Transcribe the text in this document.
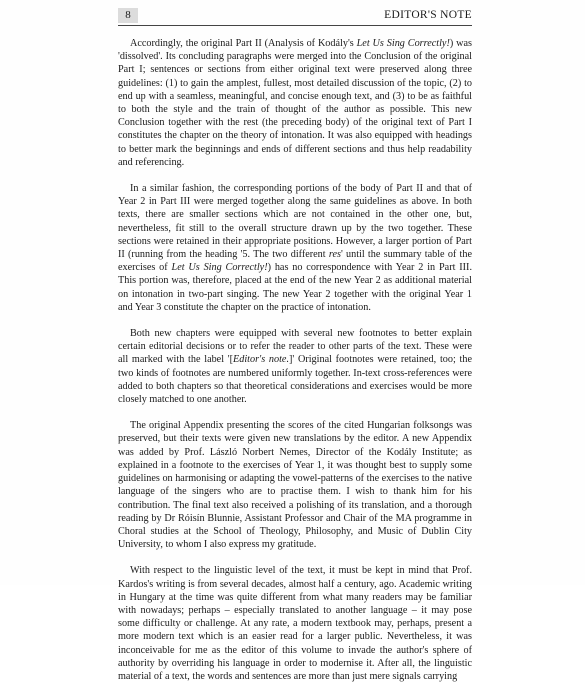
8	EDITOR'S NOTE

Accordingly, the original Part II (Analysis of Kodály's Let Us Sing Correctly!) was 'dissolved'. Its concluding paragraphs were merged into the Conclusion of the original Part I; sentences or sections from either original text were preserved along three guidelines: (1) to gain the amplest, fullest, most detailed discussion of the topic, (2) to end up with a seamless, meaningful, and concise enough text, and (3) to be as faithful to both the style and the train of thought of the author as possible. This new Conclusion together with the rest (the preceding body) of the original text of Part I constitutes the chapter on the theory of intonation. It was also equipped with headings to better mark the beginnings and ends of different sections and thus help readability and referencing.

In a similar fashion, the corresponding portions of the body of Part II and that of Year 2 in Part III were merged together along the same guidelines as above. In both texts, there are smaller sections which are not contained in the other one, but, nevertheless, fit still to the overall structure drawn up by the two together. These sections were retained in their appropriate positions. However, a larger portion of Part II (running from the heading '5. The two different res' until the summary table of the exercises of Let Us Sing Correctly!) has no correspondence with Year 2 in Part III. This portion was, therefore, placed at the end of the new Year 2 as additional material on intonation in two-part singing. The new Year 2 together with the original Year 1 and Year 3 constitute the chapter on the practice of intonation.

Both new chapters were equipped with several new footnotes to better explain certain editorial decisions or to refer the reader to other parts of the text. These were all marked with the label '[Editor's note.]' Original footnotes were retained, too; the two kinds of footnotes are numbered uniformly together. In-text cross-references were added to both chapters so that theoretical considerations and exercises would be more closely matched to one another.

The original Appendix presenting the scores of the cited Hungarian folksongs was preserved, but their texts were given new translations by the editor. A new Appendix was added by Prof. László Norbert Nemes, Director of the Kodály Institute; as explained in a footnote to the exercises of Year 1, it was thought best to supply some guidelines on harmonising or adapting the vowel-patterns of the exercises to the native language of the singers who are to practise them. I wish to thank him for his contribution. The final text also received a polishing of its translation, and a thorough reading by Dr Róisín Blunnie, Assistant Professor and Chair of the MA programme in Choral studies at the School of Theology, Philosophy, and Music of Dublin City University, to whom I also express my gratitude.

With respect to the linguistic level of the text, it must be kept in mind that Prof. Kardos's writing is from several decades, almost half a century, ago. Academic writing in Hungary at the time was quite different from what many readers may be familiar with nowadays; perhaps – especially translated to another language – it may pose some difficulty or challenge. At any rate, a modern textbook may, perhaps, present a more modern text which is an easier read for a larger public. Nevertheless, it was inconceivable for me as the editor of this volume to invade the author's sphere of authority by overriding his language in order to modernise it. After all, the linguistic material of a text, the words and sentences are more than just mere signals carrying
